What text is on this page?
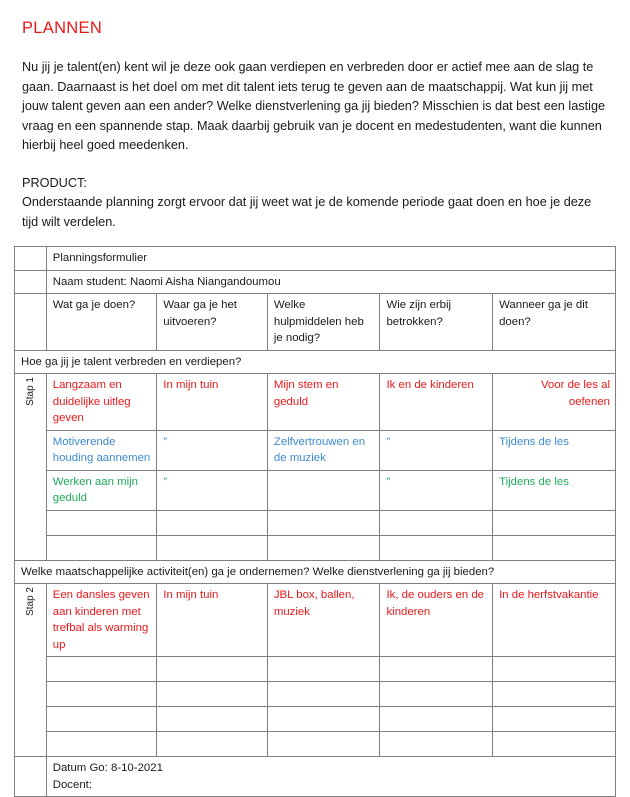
PLANNEN

Nu jij je talent(en) kent wil je deze ook gaan verdiepen en verbreden door er actief mee aan de slag te gaan. Daarnaast is het doel om met dit talent iets terug te geven aan de maatschappij. Wat kun jij met jouw talent geven aan een ander? Welke dienstverlening ga jij bieden? Misschien is dat best een lastige vraag en een spannende stap. Maak daarbij gebruik van je docent en medestudenten, want die kunnen hierbij heel goed meedenken.

PRODUCT:

Onderstaande planning zorgt ervoor dat jij weet wat je de komende periode gaat doen en hoe je deze tijd wilt verdelen.

	Planningsformulier				
	Naam student: Naomi Aisha Niangandoumou				
	Wat ga je doen?	Waar ga je het uitvoeren?	Welke hulpmiddelen heb je nodig?	Wie zijn erbij betrokken?	Wanneer ga je dit doen?
Hoe ga jij je talent verbreden en verdiepen?					

Stap 1	Langzaam en duidelijke uitleg geven	In mijn tuin	Mijn stem en geduld	Ik en de kinderen	Voor de les al oefenen
	Motiverende houding aannemen	”	Zelfvertrouwen en de muziek	”	Tijdens de les
	Werken aan mijn geduld	”		”	Tijdens de les

Welke maatschappelijke activiteit(en) ga je ondernemen? Welke dienstverlening ga jij bieden?					

Stap 2	Een dansles geven aan kinderen met trefbal als warming up	In mijn tuin	JBL box, ballen, muziek	Ik, de ouders en de kinderen	In de herfstvakantie

	Datum Go: 8-10-2021
Docent:				
